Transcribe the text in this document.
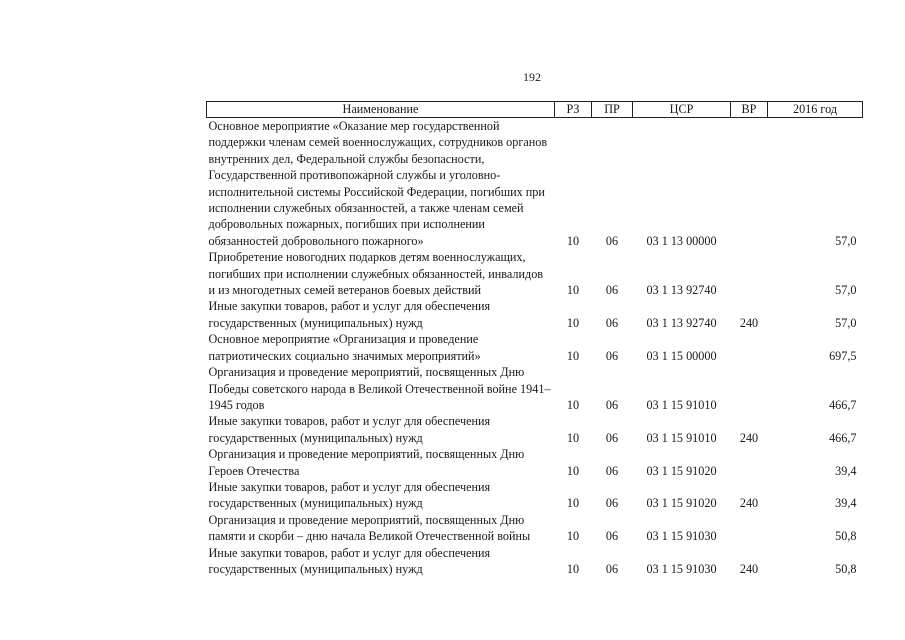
192
Наименование	РЗ	ПР	ЦСР	ВР	2016 год
Основное мероприятие «Оказание мер государственной поддержки членам семей военнослужащих, сотрудников органов внутренних дел, Федеральной службы безопасности, Государственной противопожарной службы и уголовно-исполнительной системы Российской Федерации, погибших при исполнении служебных обязанностей, а также членам семей добровольных пожарных, погибших при исполнении обязанностей добровольного пожарного»	10	06	03 1 13 00000		57,0
Приобретение новогодних подарков детям военнослужащих, погибших при исполнении служебных обязанностей, инвалидов и из многодетных семей ветеранов боевых действий	10	06	03 1 13 92740		57,0
Иные закупки товаров, работ и услуг для обеспечения государственных (муниципальных) нужд	10	06	03 1 13 92740	240	57,0
Основное мероприятие «Организация и проведение патриотических социально значимых мероприятий»	10	06	03 1 15 00000		697,5
Организация и проведение мероприятий, посвященных Дню Победы советского народа в Великой Отечественной войне 1941–1945 годов	10	06	03 1 15 91010		466,7
Иные закупки товаров, работ и услуг для обеспечения государственных (муниципальных) нужд	10	06	03 1 15 91010	240	466,7
Организация и проведение мероприятий, посвященных Дню Героев Отечества	10	06	03 1 15 91020		39,4
Иные закупки товаров, работ и услуг для обеспечения государственных (муниципальных) нужд	10	06	03 1 15 91020	240	39,4
Организация и проведение мероприятий, посвященных Дню памяти и скорби – дню начала Великой Отечественной войны	10	06	03 1 15 91030		50,8
Иные закупки товаров, работ и услуг для обеспечения государственных (муниципальных) нужд	10	06	03 1 15 91030	240	50,8
